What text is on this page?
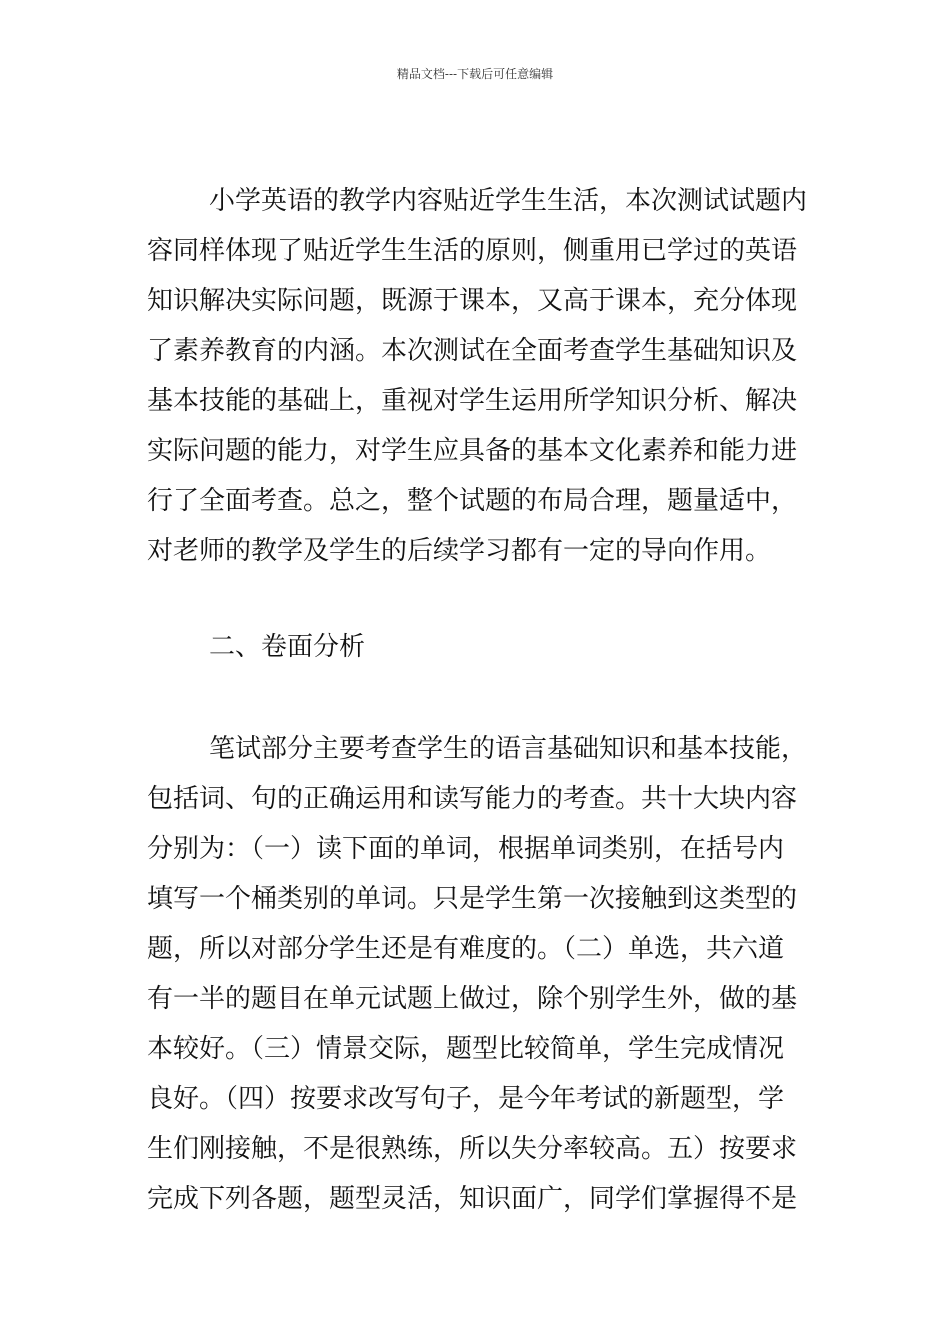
精品文档---下载后可任意编辑
小学英语的教学内容贴近学生生活，本次测试试题内
容同样体现了贴近学生生活的原则，侧重用已学过的英语
知识解决实际问题，既源于课本，又高于课本，充分体现
了素养教育的内涵。本次测试在全面考查学生基础知识及
基本技能的基础上，重视对学生运用所学知识分析、解决
实际问题的能力，对学生应具备的基本文化素养和能力进
行了全面考查。总之，整个试题的布局合理，题量适中，
对老师的教学及学生的后续学习都有一定的导向作用。
二、卷面分析
笔试部分主要考查学生的语言基础知识和基本技能，
包括词、句的正确运用和读写能力的考查。共十大块内容
分别为：（一）读下面的单词，根据单词类别，在括号内
填写一个桶类别的单词。只是学生第一次接触到这类型的
题，所以对部分学生还是有难度的。（二）单选，共六道
有一半的题目在单元试题上做过，除个别学生外，做的基
本较好。（三）情景交际，题型比较简单，学生完成情况
良好。（四）按要求改写句子，是今年考试的新题型，学
生们刚接触，不是很熟练，所以失分率较高。五）按要求
完成下列各题，题型灵活，知识面广，同学们掌握得不是
